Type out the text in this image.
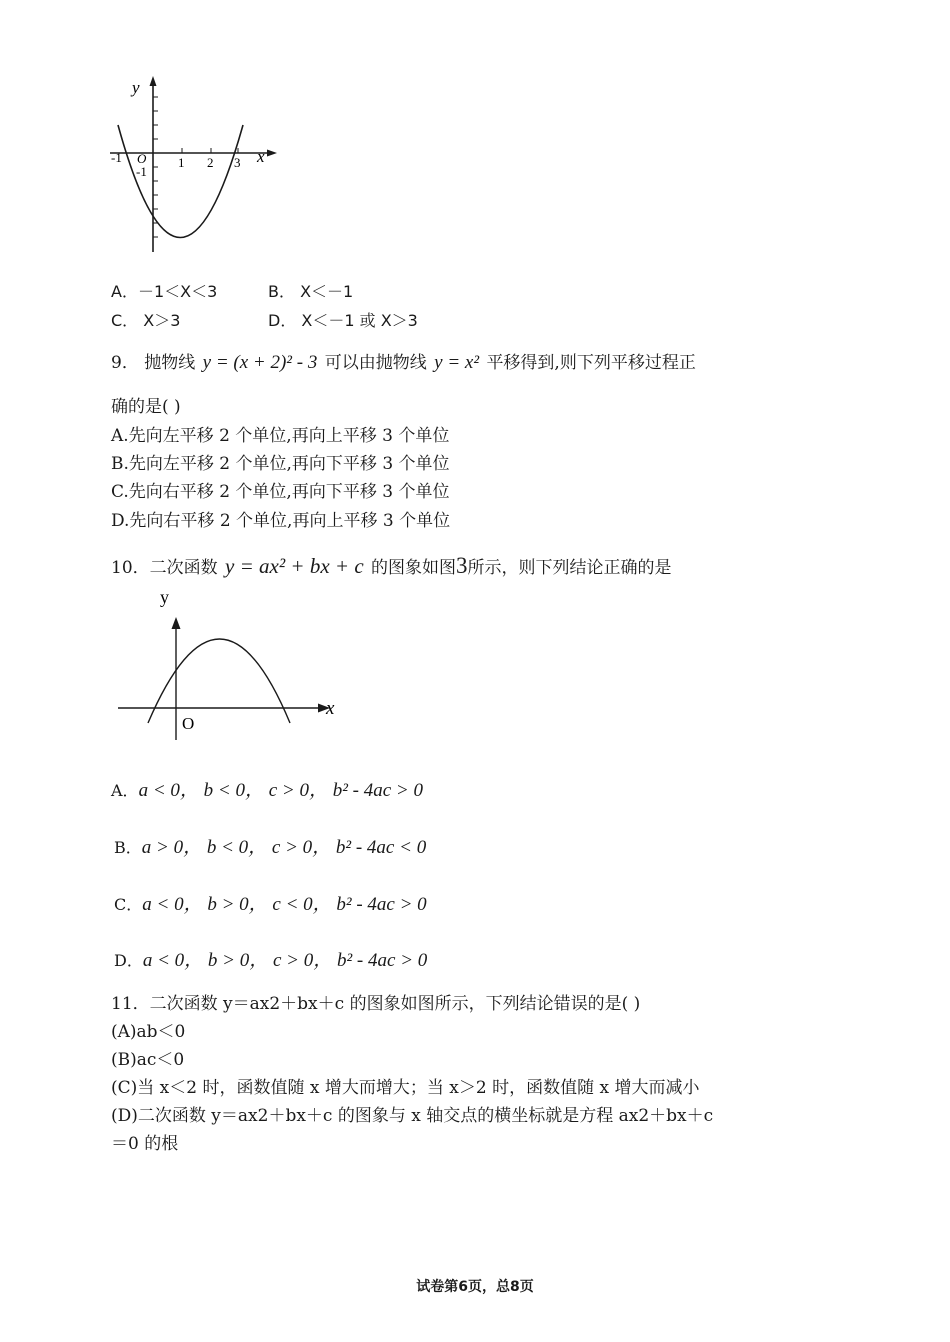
y
x
O
-1
-1
1 2 3
A．－1＜X＜3	B． X＜－1
C． X＞3	D． X＜－1 或 X＞3
9． 抛物线 y = (x + 2)² - 3 可以由抛物线 y = x² 平移得到,则下列平移过程正
确的是( )
A.先向左平移 2 个单位,再向上平移 3 个单位
B.先向左平移 2 个单位,再向下平移 3 个单位
C.先向右平移 2 个单位,再向下平移 3 个单位
D.先向右平移 2 个单位,再向上平移 3 个单位
10．二次函数 y = ax² + bx + c 的图象如图3所示，则下列结论正确的是
y
x
O
A．a < 0， b < 0， c > 0， b² - 4ac > 0
B．a > 0， b < 0， c > 0， b² - 4ac < 0
C．a < 0， b > 0， c < 0， b² - 4ac > 0
D．a < 0， b > 0， c > 0， b² - 4ac > 0
11．二次函数 y＝ax2＋bx＋c 的图象如图所示，下列结论错误的是( )
(A)ab＜0
(B)ac＜0
(C)当 x＜2 时，函数值随 x 增大而增大；当 x＞2 时，函数值随 x 增大而减小
(D)二次函数 y＝ax2＋bx＋c 的图象与 x 轴交点的横坐标就是方程 ax2＋bx＋c
＝0 的根
试卷第6页，总8页
